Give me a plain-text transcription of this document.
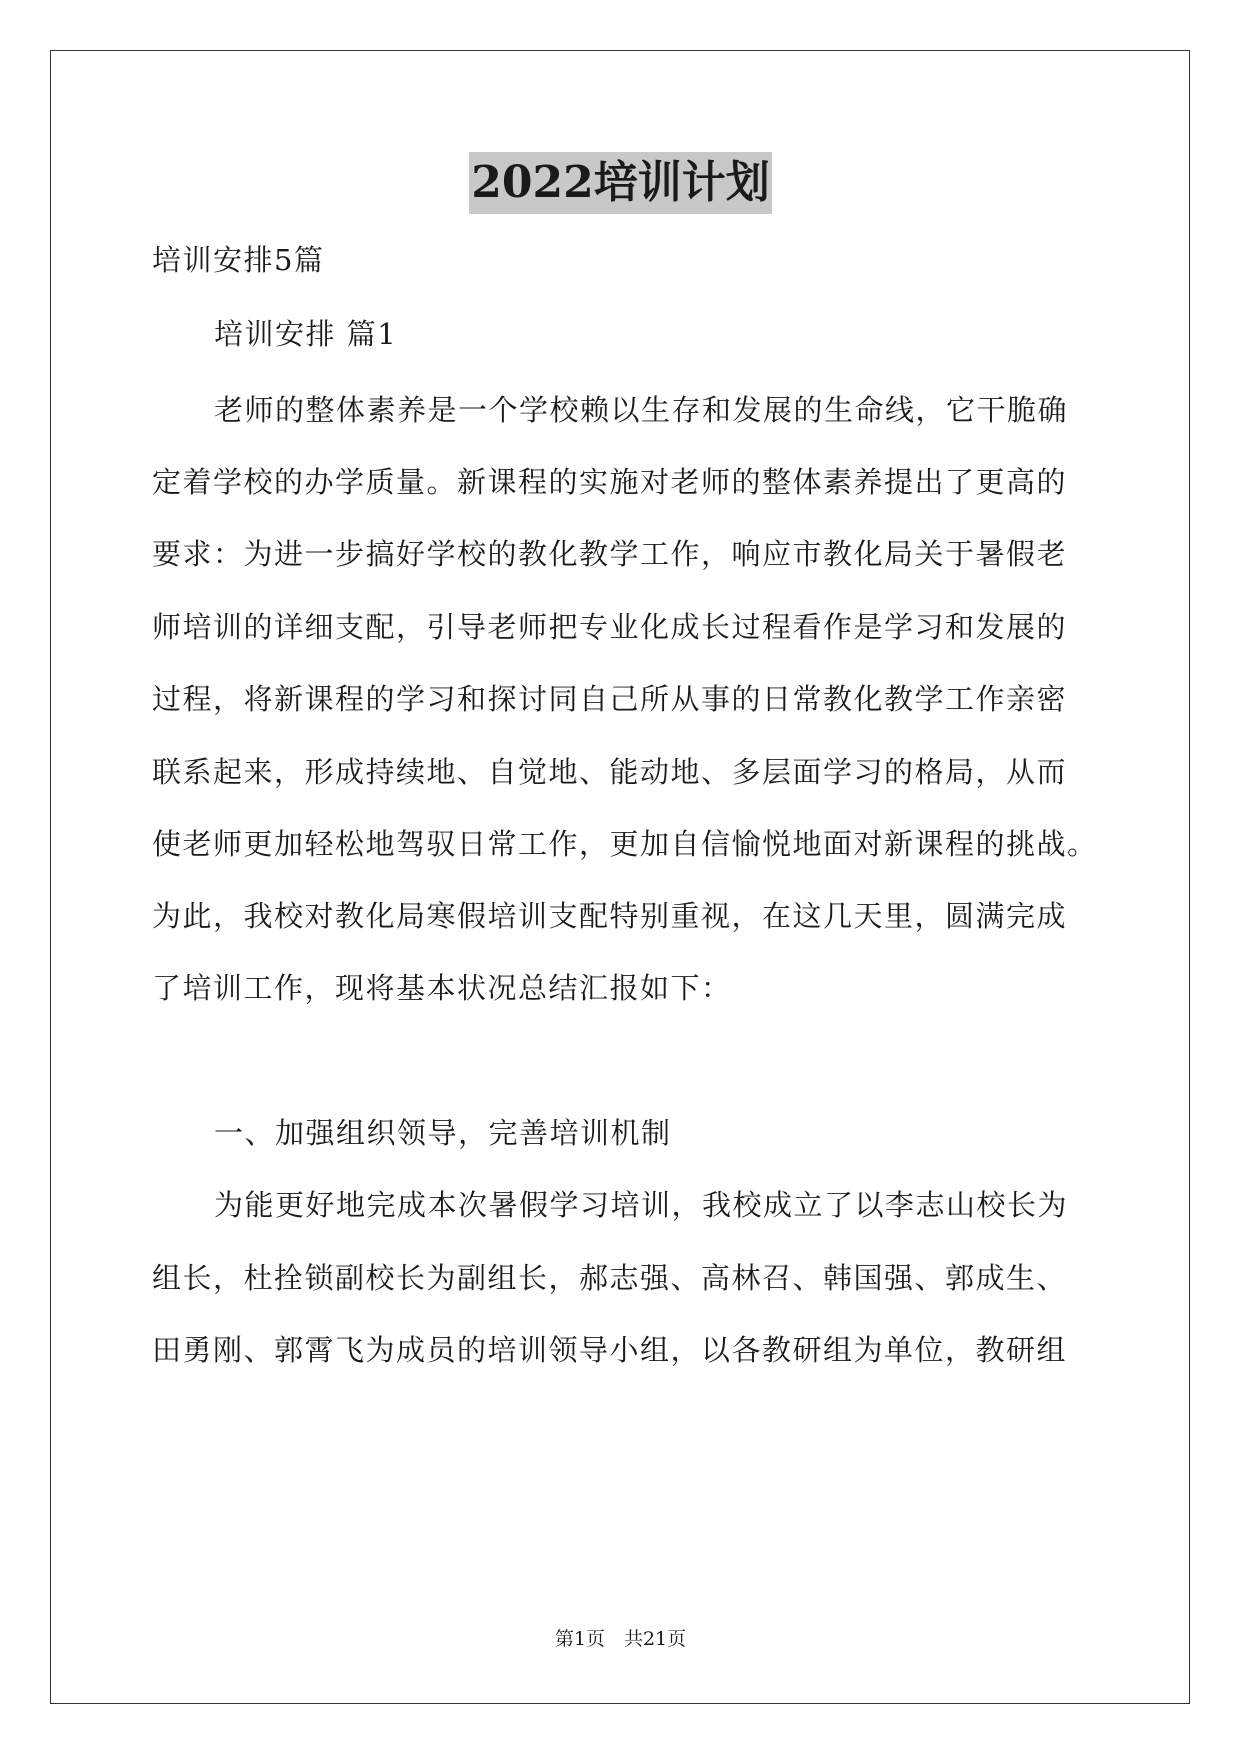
2022培训计划
培训安排5篇
培训安排 篇1
老师的整体素养是一个学校赖以生存和发展的生命线，它干脆确
定着学校的办学质量。新课程的实施对老师的整体素养提出了更高的
要求：为进一步搞好学校的教化教学工作，响应市教化局关于暑假老
师培训的详细支配，引导老师把专业化成长过程看作是学习和发展的
过程，将新课程的学习和探讨同自己所从事的日常教化教学工作亲密
联系起来，形成持续地、自觉地、能动地、多层面学习的格局，从而
使老师更加轻松地驾驭日常工作，更加自信愉悦地面对新课程的挑战。
为此，我校对教化局寒假培训支配特别重视，在这几天里，圆满完成
了培训工作，现将基本状况总结汇报如下：
一、加强组织领导，完善培训机制
为能更好地完成本次暑假学习培训，我校成立了以李志山校长为
组长，杜拴锁副校长为副组长，郝志强、高林召、韩国强、郭成生、
田勇刚、郭霄飞为成员的培训领导小组，以各教研组为单位，教研组
第1页　共21页
